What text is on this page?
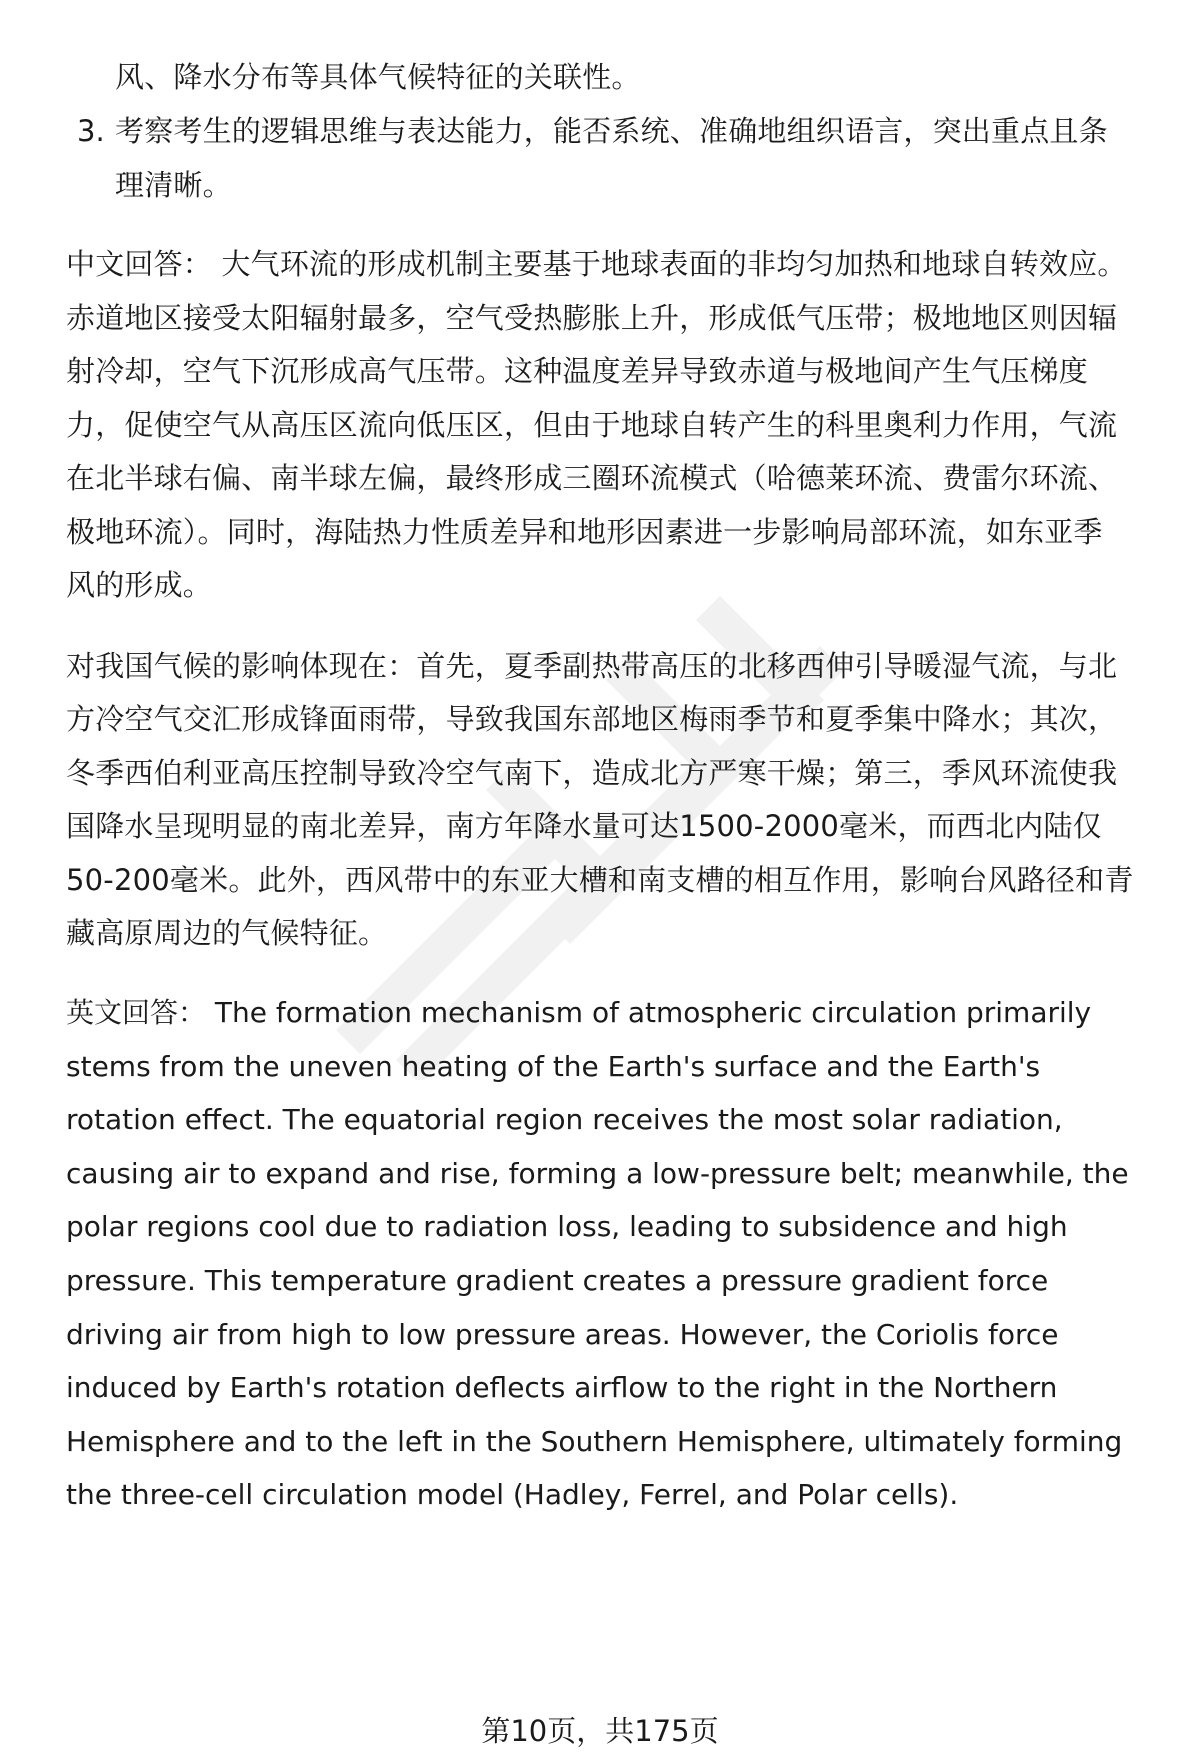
风、降水分布等具体气候特征的关联性。
3. 考察考生的逻辑思维与表达能力，能否系统、准确地组织语言，突出重点且条
理清晰。
中文回答： 大气环流的形成机制主要基于地球表面的非均匀加热和地球自转效应。
赤道地区接受太阳辐射最多，空气受热膨胀上升，形成低气压带；极地地区则因辐
射冷却，空气下沉形成高气压带。这种温度差异导致赤道与极地间产生气压梯度
力，促使空气从高压区流向低压区，但由于地球自转产生的科里奥利力作用，气流
在北半球右偏、南半球左偏，最终形成三圈环流模式（哈德莱环流、费雷尔环流、
极地环流）。同时，海陆热力性质差异和地形因素进一步影响局部环流，如东亚季
风的形成。
对我国气候的影响体现在：首先，夏季副热带高压的北移西伸引导暖湿气流，与北
方冷空气交汇形成锋面雨带，导致我国东部地区梅雨季节和夏季集中降水；其次，
冬季西伯利亚高压控制导致冷空气南下，造成北方严寒干燥；第三，季风环流使我
国降水呈现明显的南北差异，南方年降水量可达1500-2000毫米，而西北内陆仅
50-200毫米。此外，西风带中的东亚大槽和南支槽的相互作用，影响台风路径和青
藏高原周边的气候特征。
英文回答： The formation mechanism of atmospheric circulation primarily
stems from the uneven heating of the Earth's surface and the Earth's
rotation effect. The equatorial region receives the most solar radiation,
causing air to expand and rise, forming a low-pressure belt; meanwhile, the
polar regions cool due to radiation loss, leading to subsidence and high
pressure. This temperature gradient creates a pressure gradient force
driving air from high to low pressure areas. However, the Coriolis force
induced by Earth's rotation deflects airflow to the right in the Northern
Hemisphere and to the left in the Southern Hemisphere, ultimately forming
the three-cell circulation model (Hadley, Ferrel, and Polar cells).
第10页，共175页
